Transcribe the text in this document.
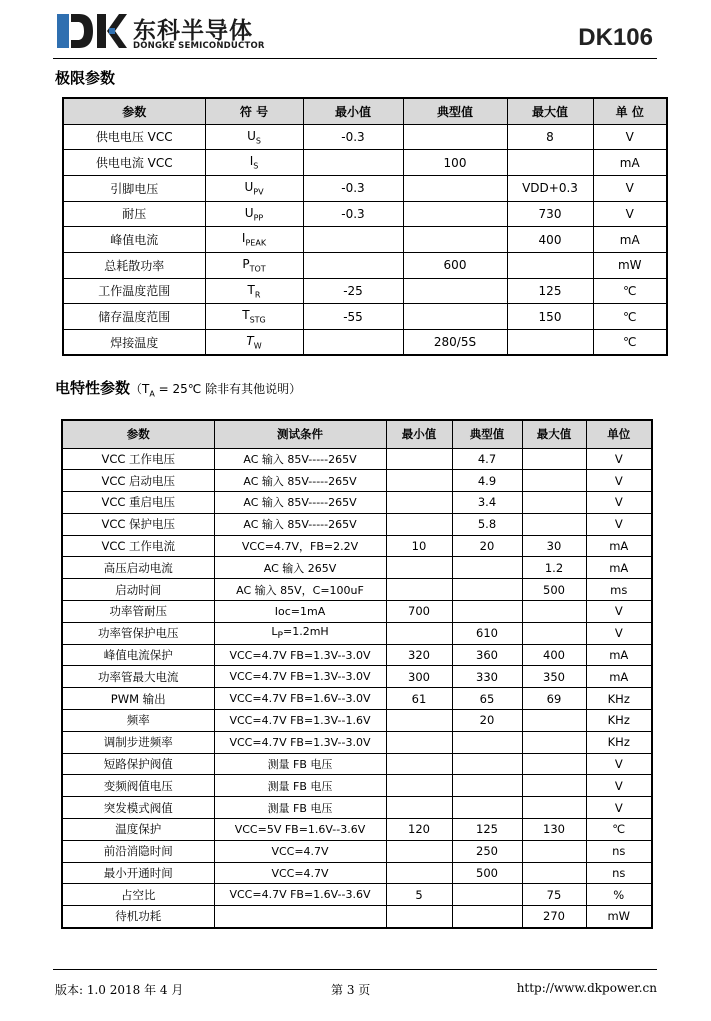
东科半导体
DONGKE SEMICONDUCTOR	DK106
极限参数
参数	符 号	最小值	典型值	最大值	单 位
供电电压 VCC	$U_S$	-0.3		8	V
供电电流 VCC	$I_S$		100		mA
引脚电压	$U_{PV}$	-0.3		VDD+0.3	V
耐压	$U_{PP}$	-0.3		730	V
峰值电流	$I_{PEAK}$			400	mA
总耗散功率	$P_{TOT}$		600		mW
工作温度范围	$T_R$	-25		125	℃
储存温度范围	$T_{STG}$	-55		150	℃
焊接温度	$T_W$		280/5S		℃
电特性参数（$T_A$ = 25℃ 除非有其他说明）
参数	测试条件	最小值	典型值	最大值	单位
VCC 工作电压	AC 输入 85V-----265V		4.7		V
VCC 启动电压	AC 输入 85V-----265V		4.9		V
VCC 重启电压	AC 输入 85V-----265V		3.4		V
VCC 保护电压	AC 输入 85V-----265V		5.8		V
VCC 工作电流	VCC=4.7V，FB=2.2V	10	20	30	mA
高压启动电流	AC 输入 265V			1.2	mA
启动时间	AC 输入 85V，C=100uF			500	ms
功率管耐压	Ioc=1mA	700			V
功率管保护电压	$L_P=1.2mH$		610		V
峰值电流保护	VCC=4.7V FB=1.3V--3.0V	320	360	400	mA
功率管最大电流	VCC=4.7V FB=1.3V--3.0V	300	330	350	mA
PWM 输出	VCC=4.7V FB=1.6V--3.0V	61	65	69	KHz
频率	VCC=4.7V FB=1.3V--1.6V		20		KHz
调制步进频率	VCC=4.7V FB=1.3V--3.0V				KHz
短路保护阀值	测量 FB 电压				V
变频阀值电压	测量 FB 电压				V
突发模式阀值	测量 FB 电压				V
温度保护	VCC=5V FB=1.6V--3.6V	120	125	130	℃
前沿消隐时间	VCC=4.7V		250		ns
最小开通时间	VCC=4.7V		500		ns
占空比	VCC=4.7V FB=1.6V--3.6V	5		75	%
待机功耗				270	mW
版本: 1.0 2018 年 4 月	第 3 页	http://www.dkpower.cn
